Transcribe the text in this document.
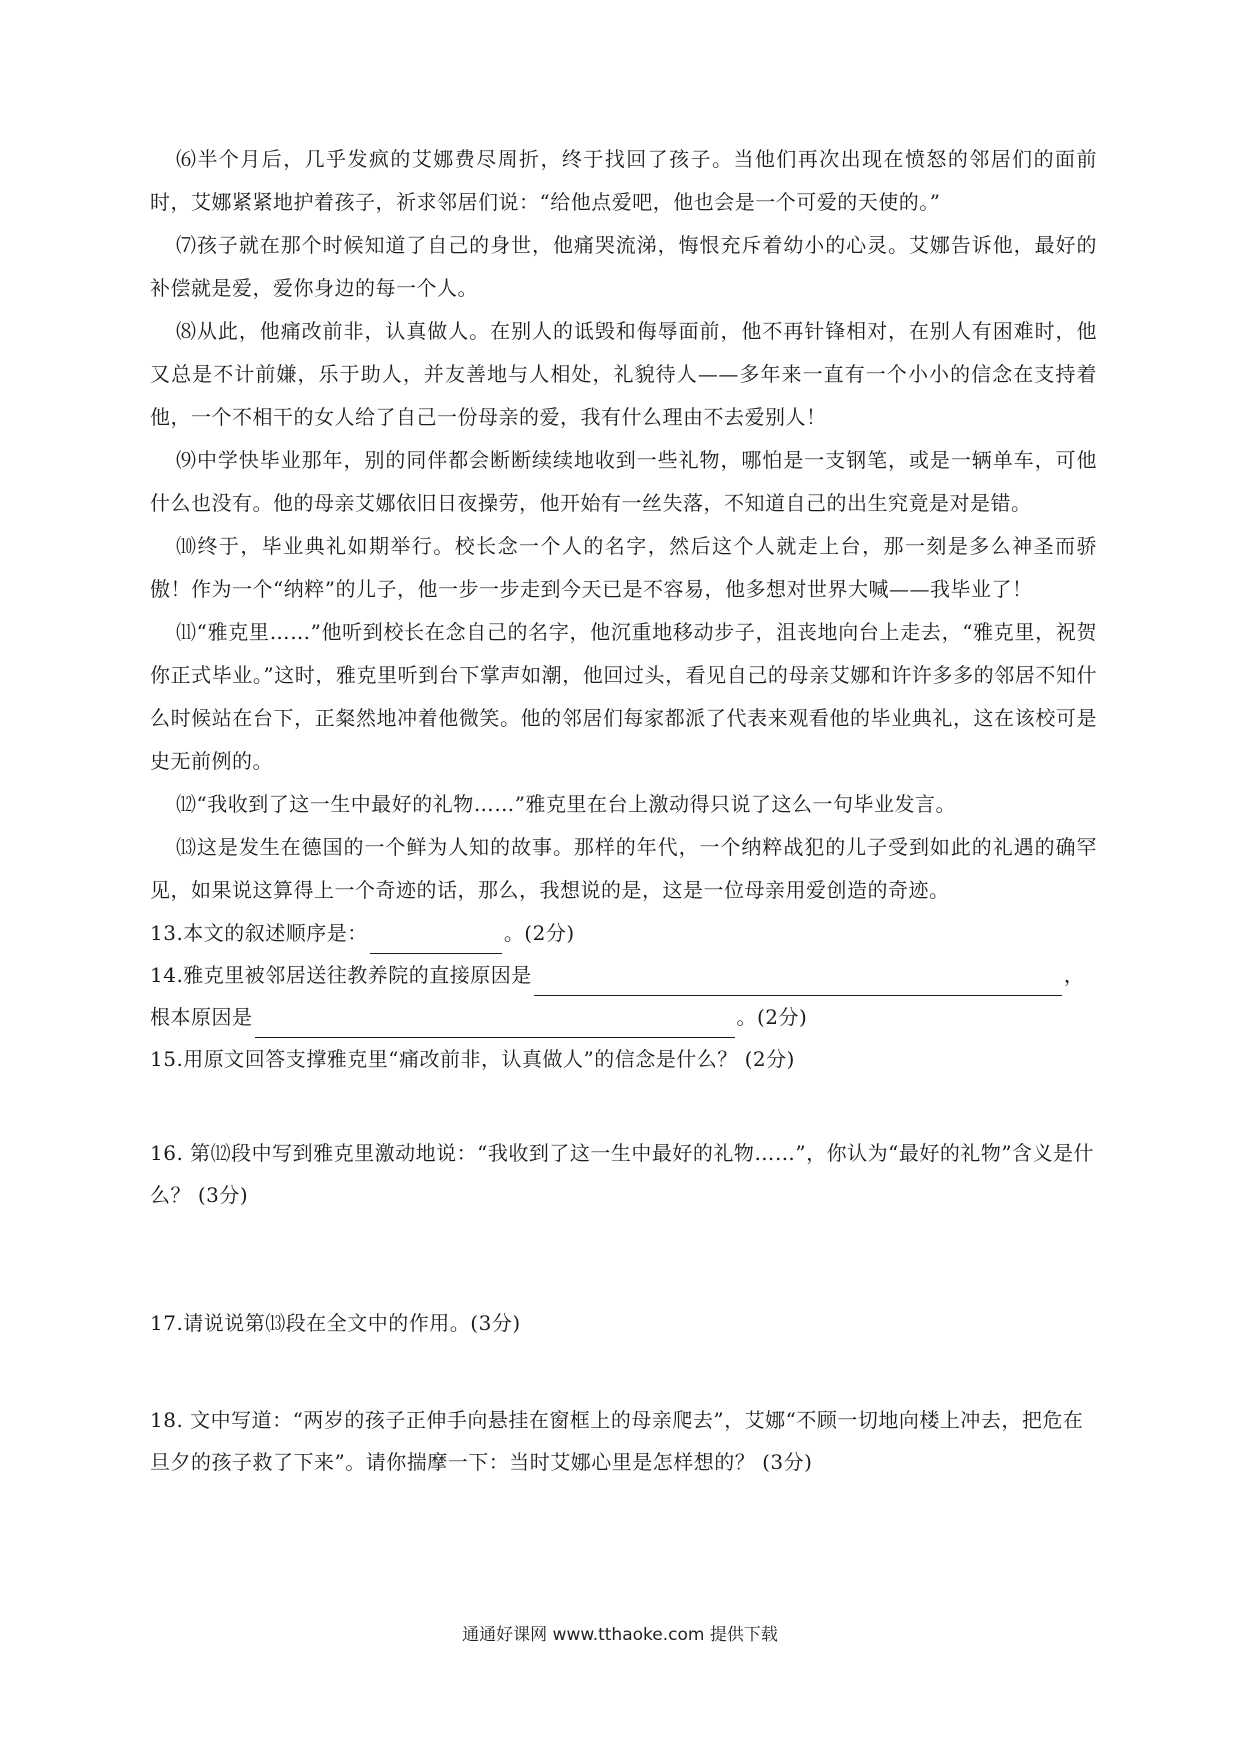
⑹半个月后，几乎发疯的艾娜费尽周折，终于找回了孩子。当他们再次出现在愤怒的邻居们的面前时，艾娜紧紧地护着孩子，祈求邻居们说：“给他点爱吧，他也会是一个可爱的天使的。”

⑺孩子就在那个时候知道了自己的身世，他痛哭流涕，悔恨充斥着幼小的心灵。艾娜告诉他，最好的补偿就是爱，爱你身边的每一个人。

⑻从此，他痛改前非，认真做人。在别人的诋毁和侮辱面前，他不再针锋相对，在别人有困难时，他又总是不计前嫌，乐于助人，并友善地与人相处，礼貌待人——多年来一直有一个小小的信念在支持着他，一个不相干的女人给了自己一份母亲的爱，我有什么理由不去爱别人！

⑼中学快毕业那年，别的同伴都会断断续续地收到一些礼物，哪怕是一支钢笔，或是一辆单车，可他什么也没有。他的母亲艾娜依旧日夜操劳，他开始有一丝失落，不知道自己的出生究竟是对是错。

⑽终于，毕业典礼如期举行。校长念一个人的名字，然后这个人就走上台，那一刻是多么神圣而骄傲！作为一个“纳粹”的儿子，他一步一步走到今天已是不容易，他多想对世界大喊——我毕业了！

⑾“雅克里……”他听到校长在念自己的名字，他沉重地移动步子，沮丧地向台上走去，“雅克里，祝贺你正式毕业。”这时，雅克里听到台下掌声如潮，他回过头，看见自己的母亲艾娜和许许多多的邻居不知什么时候站在台下，正粲然地冲着他微笑。他的邻居们每家都派了代表来观看他的毕业典礼，这在该校可是史无前例的。

⑿“我收到了这一生中最好的礼物……”雅克里在台上激动得只说了这么一句毕业发言。

⒀这是发生在德国的一个鲜为人知的故事。那样的年代，一个纳粹战犯的儿子受到如此的礼遇的确罕见，如果说这算得上一个奇迹的话，那么，我想说的是，这是一位母亲用爱创造的奇迹。

13.本文的叙述顺序是：	。(2分)

14.雅克里被邻居送往教养院的直接原因是	，

根本原因是	。(2分)

15.用原文回答支撑雅克里“痛改前非，认真做人”的信念是什么？ (2分)

16. 第⑿段中写到雅克里激动地说：“我收到了这一生中最好的礼物……”，你认为“最好的礼物”含义是什么？ (3分)

17.请说说第⒀段在全文中的作用。(3分)

18. 文中写道：“两岁的孩子正伸手向悬挂在窗框上的母亲爬去”，艾娜“不顾一切地向楼上冲去，把危在旦夕的孩子救了下来”。请你揣摩一下：当时艾娜心里是怎样想的？ (3分)

通通好课网 www.tthaoke.com 提供下载
